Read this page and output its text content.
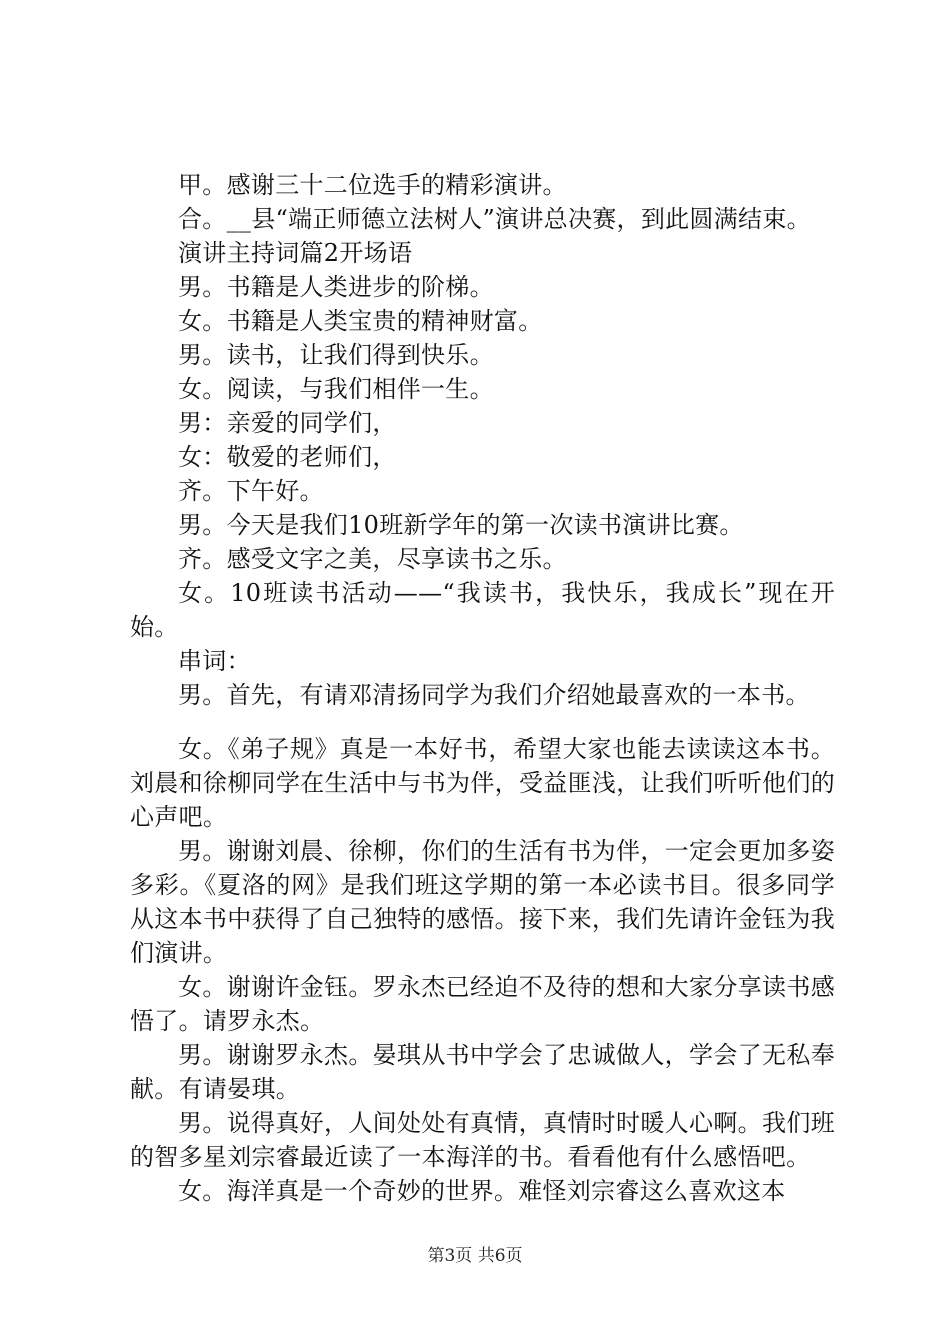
甲。感谢三十二位选手的精彩演讲。

合。__县“端正师德立法树人”演讲总决赛，到此圆满结束。

演讲主持词篇2开场语

男。书籍是人类进步的阶梯。

女。书籍是人类宝贵的精神财富。

男。读书，让我们得到快乐。

女。阅读，与我们相伴一生。

男：亲爱的同学们，

女：敬爱的老师们，

齐。下午好。

男。今天是我们10班新学年的第一次读书演讲比赛。

齐。感受文字之美，尽享读书之乐。

女。10班读书活动——“我读书，我快乐，我成长”现在开始。

串词：

男。首先，有请邓清扬同学为我们介绍她最喜欢的一本书。

女。《弟子规》真是一本好书，希望大家也能去读读这本书。刘晨和徐柳同学在生活中与书为伴，受益匪浅，让我们听听他们的心声吧。

男。谢谢刘晨、徐柳，你们的生活有书为伴，一定会更加多姿多彩。《夏洛的网》是我们班这学期的第一本必读书目。很多同学从这本书中获得了自己独特的感悟。接下来，我们先请许金钰为我们演讲。

女。谢谢许金钰。罗永杰已经迫不及待的想和大家分享读书感悟了。请罗永杰。

男。谢谢罗永杰。晏琪从书中学会了忠诚做人，学会了无私奉献。有请晏琪。

男。说得真好，人间处处有真情，真情时时暖人心啊。我们班的智多星刘宗睿最近读了一本海洋的书。看看他有什么感悟吧。

女。海洋真是一个奇妙的世界。难怪刘宗睿这么喜欢这本

第3页 共6页
